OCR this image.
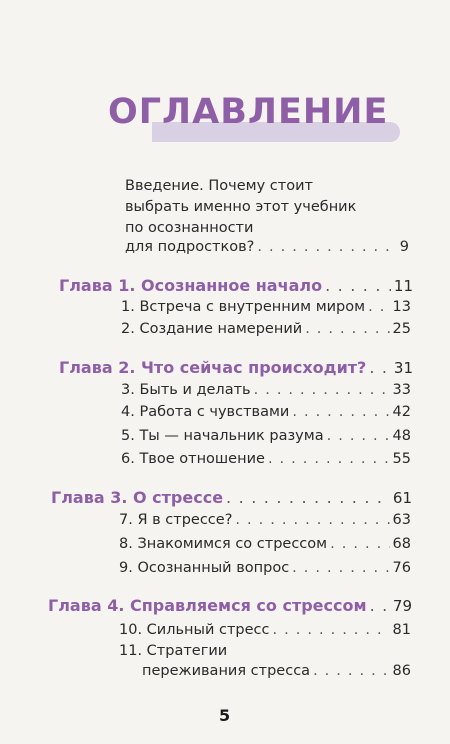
ОГЛАВЛЕНИЕ
Введение. Почему стоит
выбрать именно этот учебник
по осознанности
для подростков? . . .	9
Глава 1. Осознанное начало . . .	11
1. Встреча с внутренним миром . . . 13
2. Создание намерений . . .	25
Глава 2. Что сейчас происходит? . . . 31
3. Быть и делать . . .	33
4. Работа с чувствами . . .	42
5. Ты — начальник разума . . .	48
6. Твое отношение . . .	55
Глава 3. О стрессе . . .	61
7. Я в стрессе? . . .	63
8. Знакомимся со стрессом . . .	68
9. Осознанный вопрос . . .	76
Глава 4. Справляемся со стрессом . . . 79
10. Сильный стресс . . .	81
11. Стратегии
переживания стресса . . .	86
5
